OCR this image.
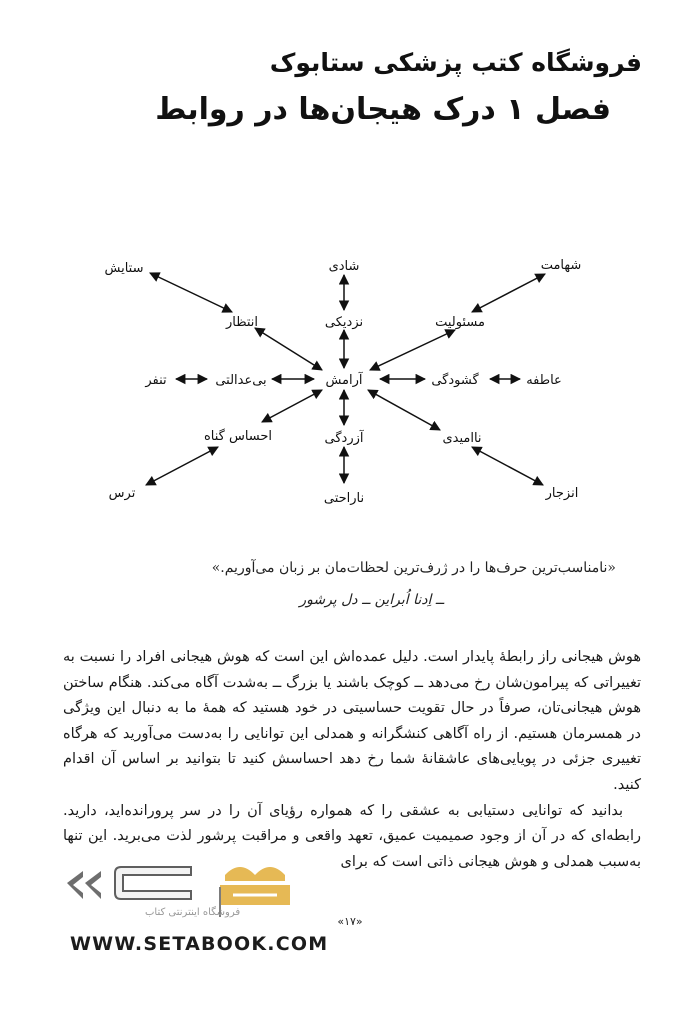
فروشگاه کتب پزشکی ستابوک
فصل ۱ درک هیجان‌ها در روابط
ستایش	شادی	شهامت
انتظار	نزدیکی	مسئولیت
تنفر	بی‌عدالتی	آرامش	گشودگی	عاطفه
احساس گناه	آزردگی	ناامیدی
ترس	ناراحتی	انزجار
«نامناسب‌ترین حرف‌ها را در ژرف‌ترین لحظات‌مان بر زبان می‌آوریم.»
ــ اِدنا اُبراین ــ دل پرشور

هوش هیجانی راز رابطهٔ پایدار است. دلیل عمده‌اش این است که هوش هیجانی افراد را نسبت به تغییراتی که پیرامون‌شان رخ می‌دهد ــ کوچک باشند یا بزرگ ــ به‌شدت آگاه می‌کند. هنگام ساختن هوش هیجانی‌تان، صرفاً در حال تقویت حساسیتی در خود هستید که همهٔ ما به دنبال این ویژگی در همسرمان هستیم. از راه آگاهی کنشگرانه و همدلی این توانایی را به‌دست می‌آورید که هرگاه تغییری جزئی در پویایی‌های عاشقانهٔ شما رخ دهد احساسش کنید تا بتوانید بر اساس آن اقدام کنید.

بدانید که توانایی دستیابی به عشقی را که همواره رؤیای آن را در سر پرورانده‌اید، دارید. رابطه‌ای که در آن از وجود صمیمیت عمیق، تعهد واقعی و مراقبت پرشور لذت می‌برید. این تنها به‌سبب همدلی و هوش هیجانی ذاتی است که برای

فروشگاه اینترنتی کتاب
WWW.SETABOOK.COM
«۱۷»
